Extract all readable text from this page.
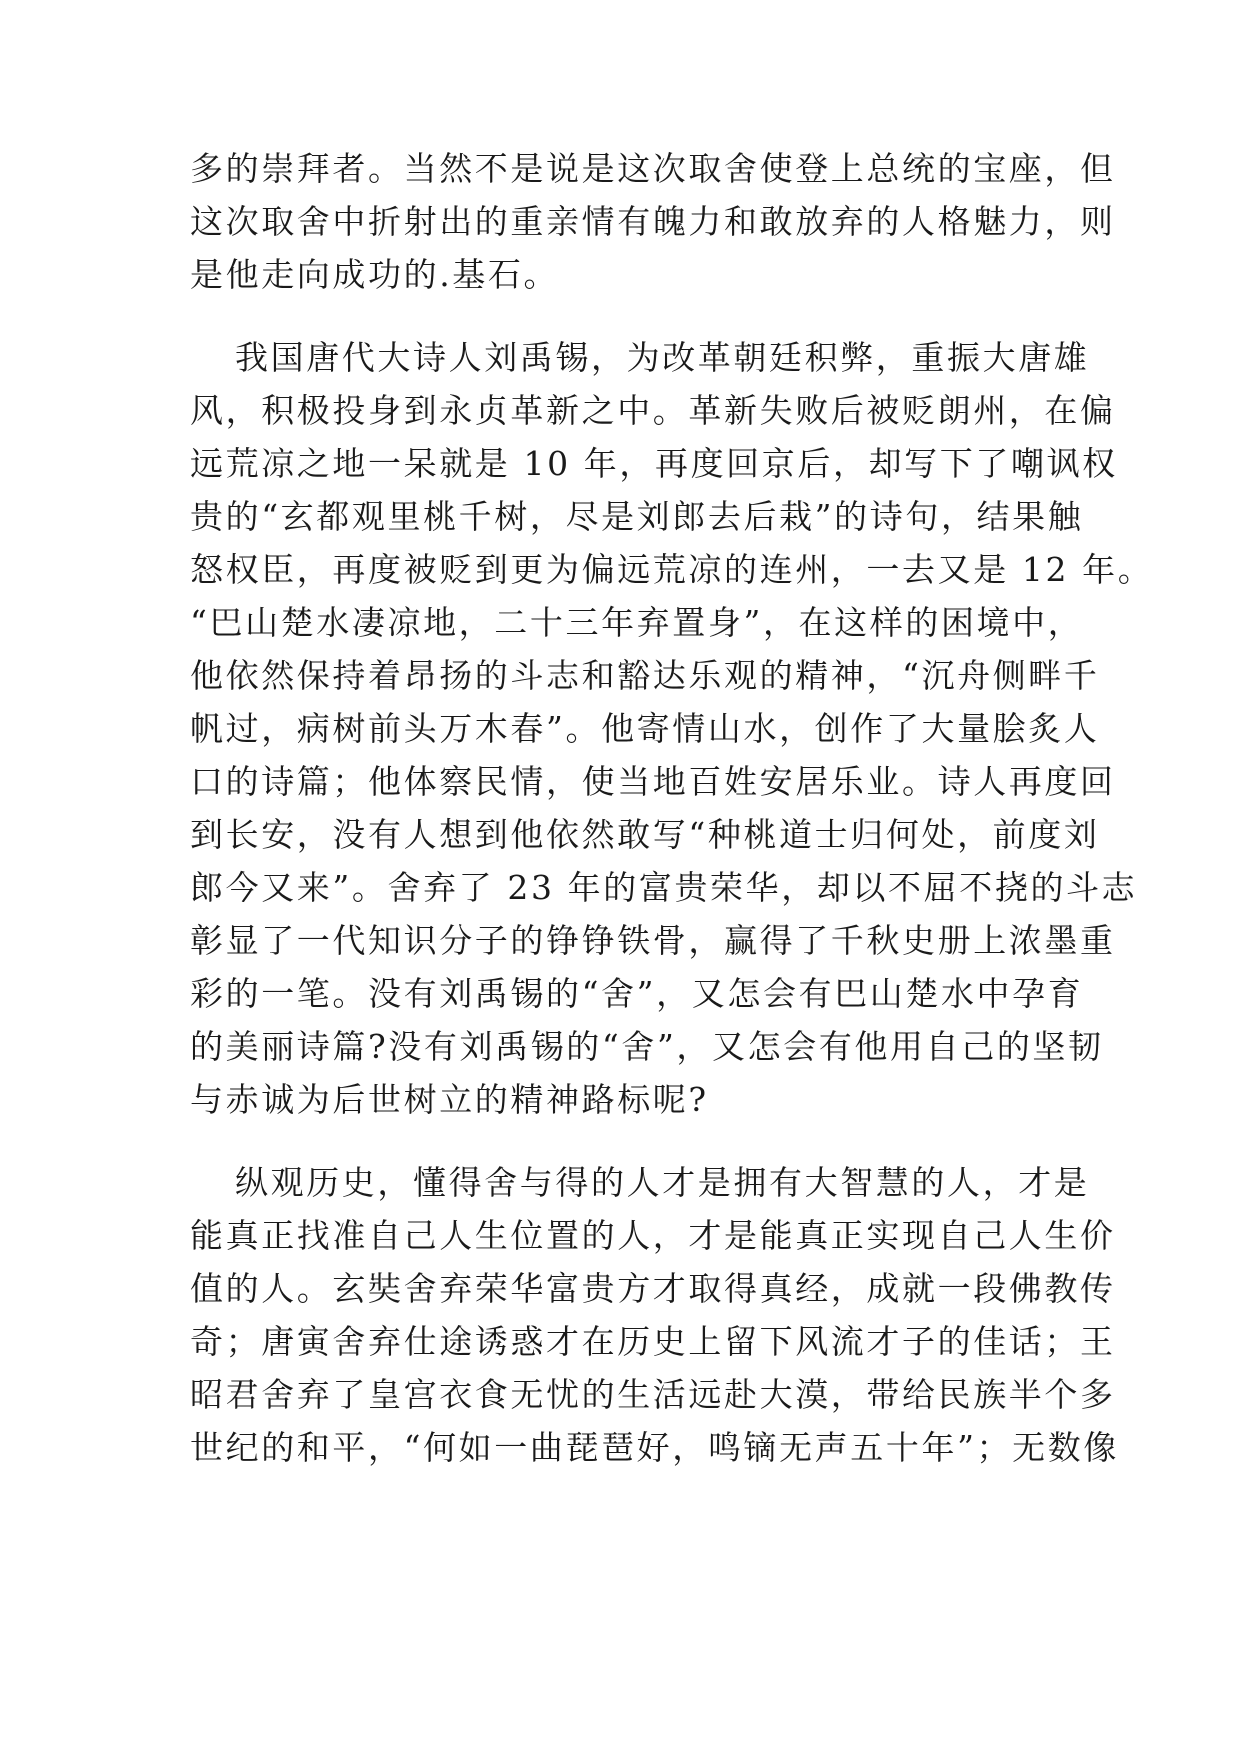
多的崇拜者。当然不是说是这次取舍使登上总统的宝座，但
这次取舍中折射出的重亲情有魄力和敢放弃的人格魅力，则
是他走向成功的.基石。
我国唐代大诗人刘禹锡，为改革朝廷积弊，重振大唐雄
风，积极投身到永贞革新之中。革新失败后被贬朗州，在偏
远荒凉之地一呆就是 10 年，再度回京后，却写下了嘲讽权
贵的“玄都观里桃千树，尽是刘郎去后栽”的诗句，结果触
怒权臣，再度被贬到更为偏远荒凉的连州，一去又是 12 年。
“巴山楚水凄凉地，二十三年弃置身”，在这样的困境中，
他依然保持着昂扬的斗志和豁达乐观的精神，“沉舟侧畔千
帆过，病树前头万木春”。他寄情山水，创作了大量脍炙人
口的诗篇；他体察民情，使当地百姓安居乐业。诗人再度回
到长安，没有人想到他依然敢写“种桃道士归何处，前度刘
郎今又来”。舍弃了 23 年的富贵荣华，却以不屈不挠的斗志
彰显了一代知识分子的铮铮铁骨，赢得了千秋史册上浓墨重
彩的一笔。没有刘禹锡的“舍”，又怎会有巴山楚水中孕育
的美丽诗篇?没有刘禹锡的“舍”，又怎会有他用自己的坚韧
与赤诚为后世树立的精神路标呢?
纵观历史，懂得舍与得的人才是拥有大智慧的人，才是
能真正找准自己人生位置的人，才是能真正实现自己人生价
值的人。玄奘舍弃荣华富贵方才取得真经，成就一段佛教传
奇；唐寅舍弃仕途诱惑才在历史上留下风流才子的佳话；王
昭君舍弃了皇宫衣食无忧的生活远赴大漠，带给民族半个多
世纪的和平，“何如一曲琵琶好，鸣镝无声五十年”；无数像
